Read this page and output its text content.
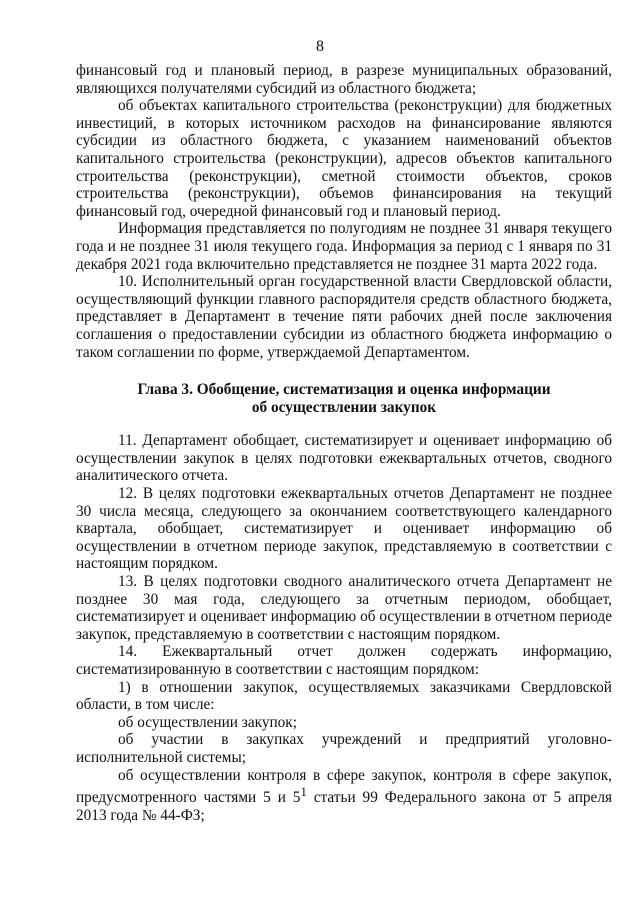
8

финансовый год и плановый период, в разрезе муниципальных образований, являющихся получателями субсидий из областного бюджета;

об объектах капитального строительства (реконструкции) для бюджетных инвестиций, в которых источником расходов на финансирование являются субсидии из областного бюджета, с указанием наименований объектов капитального строительства (реконструкции), адресов объектов капитального строительства (реконструкции), сметной стоимости объектов, сроков строительства (реконструкции), объемов финансирования на текущий финансовый год, очередной финансовый год и плановый период.

Информация представляется по полугодиям не позднее 31 января текущего года и не позднее 31 июля текущего года. Информация за период с 1 января по 31 декабря 2021 года включительно представляется не позднее 31 марта 2022 года.

10. Исполнительный орган государственной власти Свердловской области, осуществляющий функции главного распорядителя средств областного бюджета, представляет в Департамент в течение пяти рабочих дней после заключения соглашения о предоставлении субсидии из областного бюджета информацию о таком соглашении по форме, утверждаемой Департаментом.

Глава 3. Обобщение, систематизация и оценка информации
об осуществлении закупок

11. Департамент обобщает, систематизирует и оценивает информацию об осуществлении закупок в целях подготовки ежеквартальных отчетов, сводного аналитического отчета.

12. В целях подготовки ежеквартальных отчетов Департамент не позднее 30 числа месяца, следующего за окончанием соответствующего календарного квартала, обобщает, систематизирует и оценивает информацию об осуществлении в отчетном периоде закупок, представляемую в соответствии с настоящим порядком.

13. В целях подготовки сводного аналитического отчета Департамент не позднее 30 мая года, следующего за отчетным периодом, обобщает, систематизирует и оценивает информацию об осуществлении в отчетном периоде закупок, представляемую в соответствии с настоящим порядком.

14. Ежеквартальный отчет должен содержать информацию, систематизированную в соответствии с настоящим порядком:

1) в отношении закупок, осуществляемых заказчиками Свердловской области, в том числе:

об осуществлении закупок;

об участии в закупках учреждений и предприятий уголовно-исполнительной системы;

об осуществлении контроля в сфере закупок, контроля в сфере закупок, предусмотренного частями 5 и $5^1$ статьи 99 Федерального закона от 5 апреля 2013 года № 44-ФЗ;
